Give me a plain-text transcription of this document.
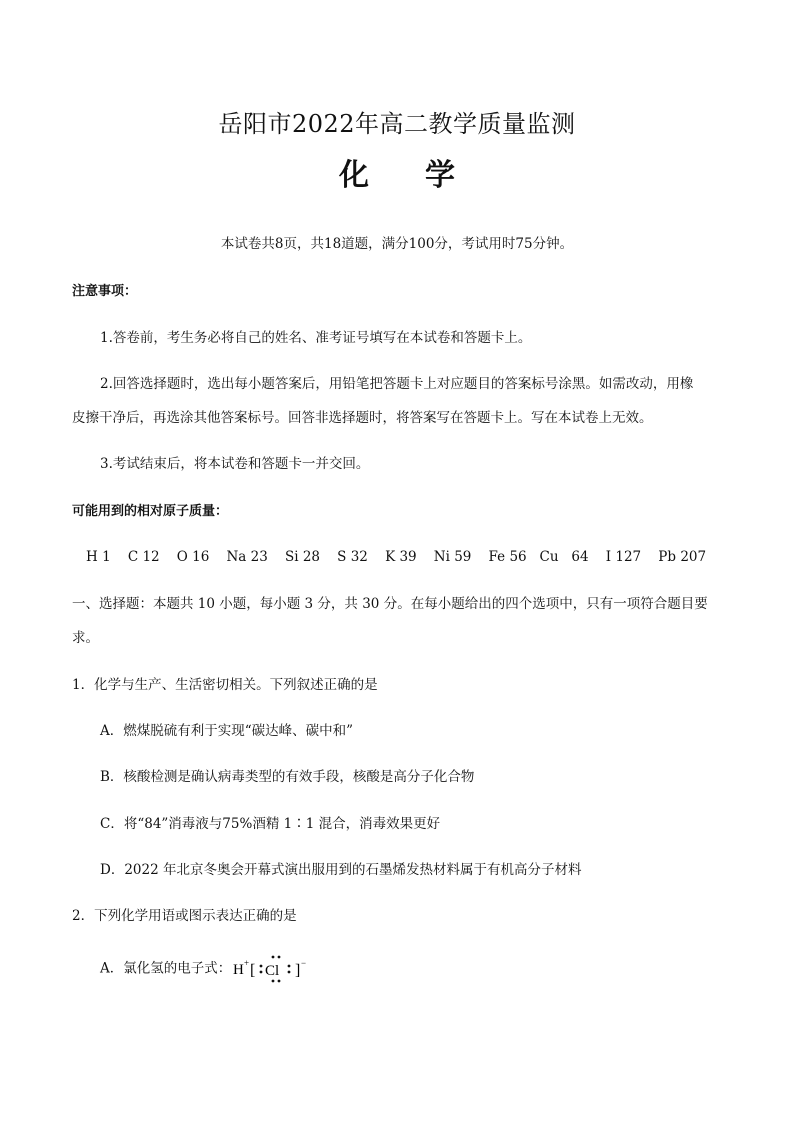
岳阳市2022年高二教学质量监测
化 学
本试卷共8页，共18道题，满分100分，考试用时75分钟。
注意事项：
1.答卷前，考生务必将自己的姓名、准考证号填写在本试卷和答题卡上。
2.回答选择题时，选出每小题答案后，用铅笔把答题卡上对应题目的答案标号涂黑。如需改动，用橡
皮擦干净后，再选涂其他答案标号。回答非选择题时，将答案写在答题卡上。写在本试卷上无效。
3.考试结束后，将本试卷和答题卡一并交回。
可能用到的相对原子质量：
H 1    C 12    O 16    Na 23    Si 28    S 32    K 39    Ni 59    Fe 56   Cu   64    I 127    Pb 207
一、选择题：本题共 10 小题，每小题 3 分，共 30 分。在每小题给出的四个选项中，只有一项符合题目要
求。
1．化学与生产、生活密切相关。下列叙述正确的是
A．燃煤脱硫有利于实现“碳达峰、碳中和”
B．核酸检测是确认病毒类型的有效手段，核酸是高分子化合物
C．将“84”消毒液与75%酒精 1∶1 混合，消毒效果更好
D．2022 年北京冬奥会开幕式演出服用到的石墨烯发热材料属于有机高分子材料
2．下列化学用语或图示表达正确的是
A．氯化氢的电子式： H + [ Cl ] −
